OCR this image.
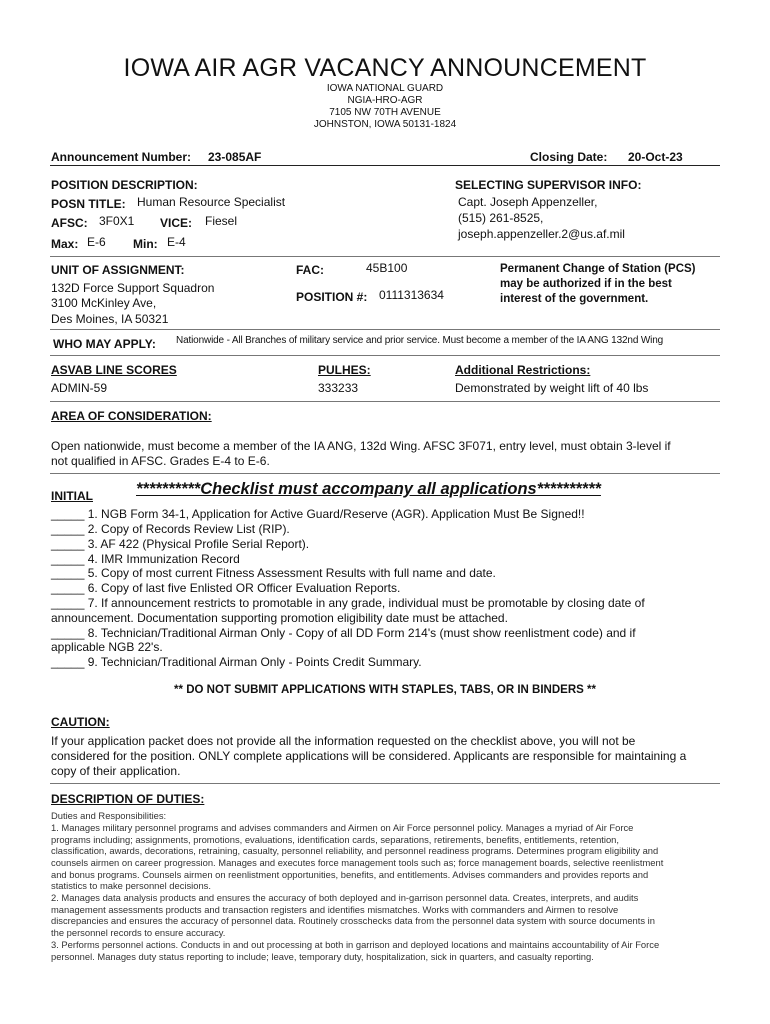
IOWA AIR AGR VACANCY ANNOUNCEMENT
IOWA NATIONAL GUARD
NGIA-HRO-AGR
7105 NW 70TH AVENUE
JOHNSTON, IOWA 50131-1824
Announcement Number: 23-085AF	Closing Date: 20-Oct-23
POSITION DESCRIPTION:
POSN TITLE: Human Resource Specialist
AFSC: 3F0X1 VICE: Fiesel
Max: E-6 Min: E-4
SELECTING SUPERVISOR INFO:
Capt. Joseph Appenzeller,
(515) 261-8525,
joseph.appenzeller.2@us.af.mil
UNIT OF ASSIGNMENT:
132D Force Support Squadron
3100 McKinley Ave,
Des Moines, IA 50321
FAC:	45B100
POSITION #: 0111313634
Permanent Change of Station (PCS)
may be authorized if in the best
interest of the government.
WHO MAY APPLY: Nationwide - All Branches of military service and prior service. Must become a member of the IA ANG 132nd Wing
ASVAB LINE SCORES
ADMIN-59
PULHES:
333233
Additional Restrictions:
Demonstrated by weight lift of 40 lbs
AREA OF CONSIDERATION:
Open nationwide, must become a member of the IA ANG, 132d Wing. AFSC 3F071, entry level, must obtain 3-level if
not qualified in AFSC. Grades E-4 to E-6.
INITIAL	**********Checklist must accompany all applications**********
_____ 1. NGB Form 34-1, Application for Active Guard/Reserve (AGR). Application Must Be Signed!!
_____ 2. Copy of Records Review List (RIP).
_____ 3. AF 422 (Physical Profile Serial Report).
_____ 4. IMR Immunization Record
_____ 5. Copy of most current Fitness Assessment Results with full name and date.
_____ 6. Copy of last five Enlisted OR Officer Evaluation Reports.
_____ 7. If announcement restricts to promotable in any grade, individual must be promotable by closing date of
announcement. Documentation supporting promotion eligibility date must be attached.
_____ 8. Technician/Traditional Airman Only - Copy of all DD Form 214's (must show reenlistment code) and if
applicable NGB 22's.
_____ 9. Technician/Traditional Airman Only - Points Credit Summary.
** DO NOT SUBMIT APPLICATIONS WITH STAPLES, TABS, OR IN BINDERS **
CAUTION:
If your application packet does not provide all the information requested on the checklist above, you will not be
considered for the position. ONLY complete applications will be considered. Applicants are responsible for maintaining a
copy of their application.
DESCRIPTION OF DUTIES:
Duties and Responsibilities:
1. Manages military personnel programs and advises commanders and Airmen on Air Force personnel policy. Manages a myriad of Air Force
programs including; assignments, promotions, evaluations, identification cards, separations, retirements, benefits, entitlements, retention,
classification, awards, decorations, retraining, casualty, personnel reliability, and personnel readiness programs. Determines program eligibility and
counsels airmen on career progression. Manages and executes force management tools such as; force management boards, selective reenlistment
and bonus programs. Counsels airmen on reenlistment opportunities, benefits, and entitlements. Advises commanders and provides reports and
statistics to make personnel decisions.
2. Manages data analysis products and ensures the accuracy of both deployed and in-garrison personnel data. Creates, interprets, and audits
management assessments products and transaction registers and identifies mismatches. Works with commanders and Airmen to resolve
discrepancies and ensures the accuracy of personnel data. Routinely crosschecks data from the personnel data system with source documents in
the personnel records to ensure accuracy.
3. Performs personnel actions. Conducts in and out processing at both in garrison and deployed locations and maintains accountability of Air Force
personnel. Manages duty status reporting to include; leave, temporary duty, hospitalization, sick in quarters, and casualty reporting.
